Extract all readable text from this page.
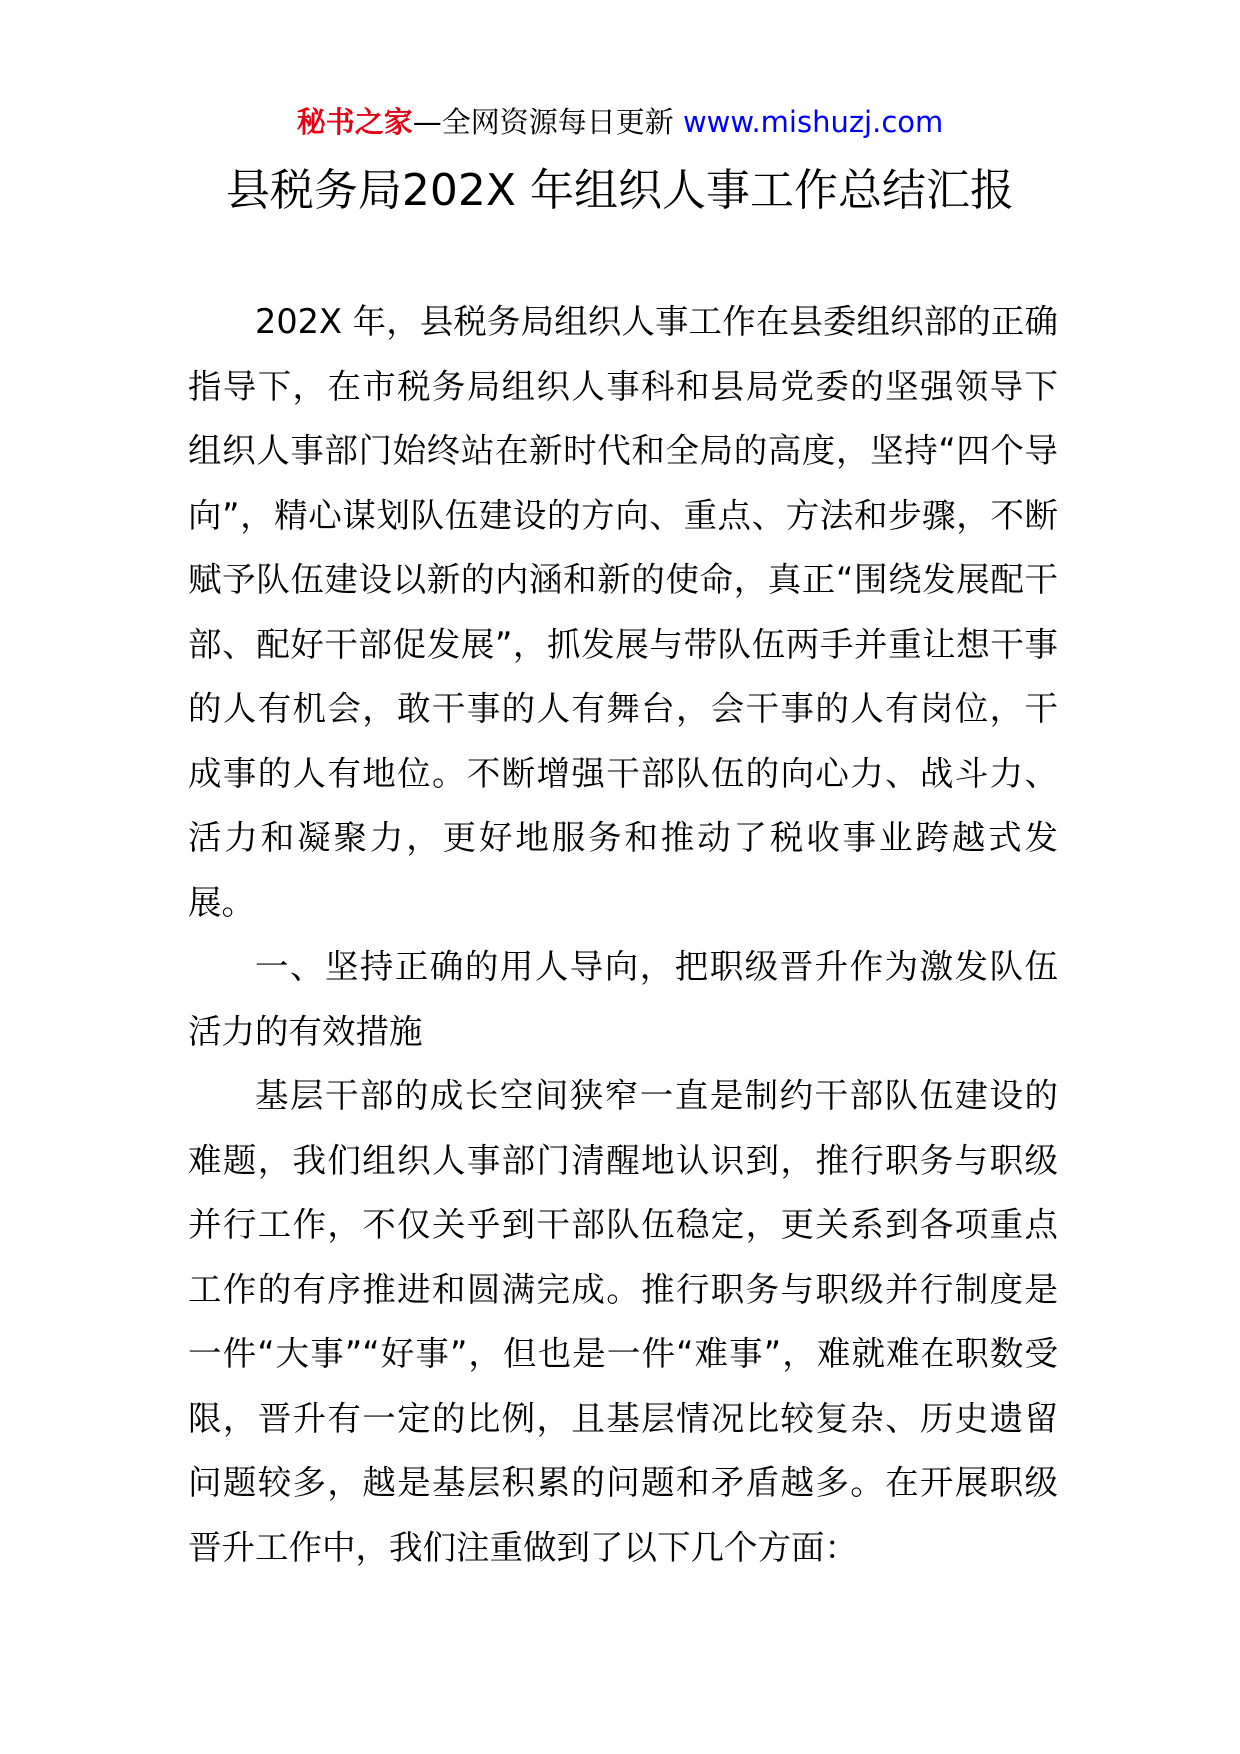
秘书之家—全网资源每日更新 www.mishuzj.com
县税务局202X 年组织人事工作总结汇报

202X 年，县税务局组织人事工作在县委组织部的正确指导下，在市税务局组织人事科和县局党委的坚强领导下组织人事部门始终站在新时代和全局的高度，坚持“四个导向”，精心谋划队伍建设的方向、重点、方法和步骤，不断赋予队伍建设以新的内涵和新的使命，真正“围绕发展配干部、配好干部促发展”，抓发展与带队伍两手并重让想干事的人有机会，敢干事的人有舞台，会干事的人有岗位，干成事的人有地位。不断增强干部队伍的向心力、战斗力、活力和凝聚力，更好地服务和推动了税收事业跨越式发展。

一、坚持正确的用人导向，把职级晋升作为激发队伍活力的有效措施

基层干部的成长空间狭窄一直是制约干部队伍建设的难题，我们组织人事部门清醒地认识到，推行职务与职级并行工作，不仅关乎到干部队伍稳定，更关系到各项重点工作的有序推进和圆满完成。推行职务与职级并行制度是一件“大事”“好事”，但也是一件“难事”，难就难在职数受限，晋升有一定的比例，且基层情况比较复杂、历史遗留问题较多，越是基层积累的问题和矛盾越多。在开展职级晋升工作中，我们注重做到了以下几个方面：
